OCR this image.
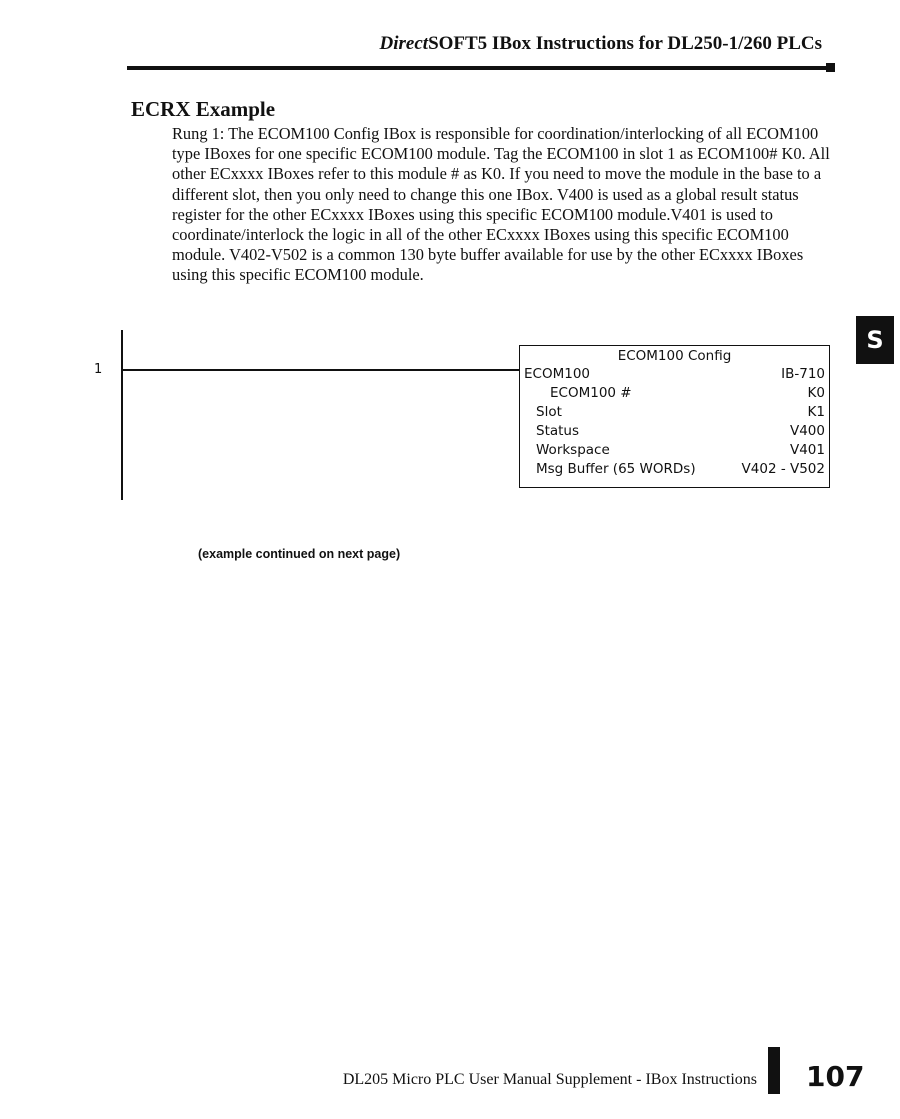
DirectSOFT5 IBox Instructions for DL250-1/260 PLCs
ECRX Example

Rung 1: The ECOM100 Config IBox is responsible for coordination/interlocking of all ECOM100 type IBoxes for one specific ECOM100 module. Tag the ECOM100 in slot 1 as ECOM100# K0. All other ECxxxx IBoxes refer to this module # as K0. If you need to move the module in the base to a different slot, then you only need to change this one IBox. V400 is used as a global result status register for the other ECxxxx IBoxes using this specific ECOM100 module.V401 is used to coordinate/interlock the logic in all of the other ECxxxx IBoxes using this specific ECOM100 module. V402-V502 is a common 130 byte buffer available for use by the other ECxxxx IBoxes using this specific ECOM100 module.

S
1
ECOM100 Config
ECOM100	IB-710
ECOM100 #	K0
Slot	K1
Status	V400
Workspace	V401
Msg Buffer (65 WORDs)	V402 - V502
(example continued on next page)
DL205 Micro PLC User Manual Supplement - IBox Instructions 107
